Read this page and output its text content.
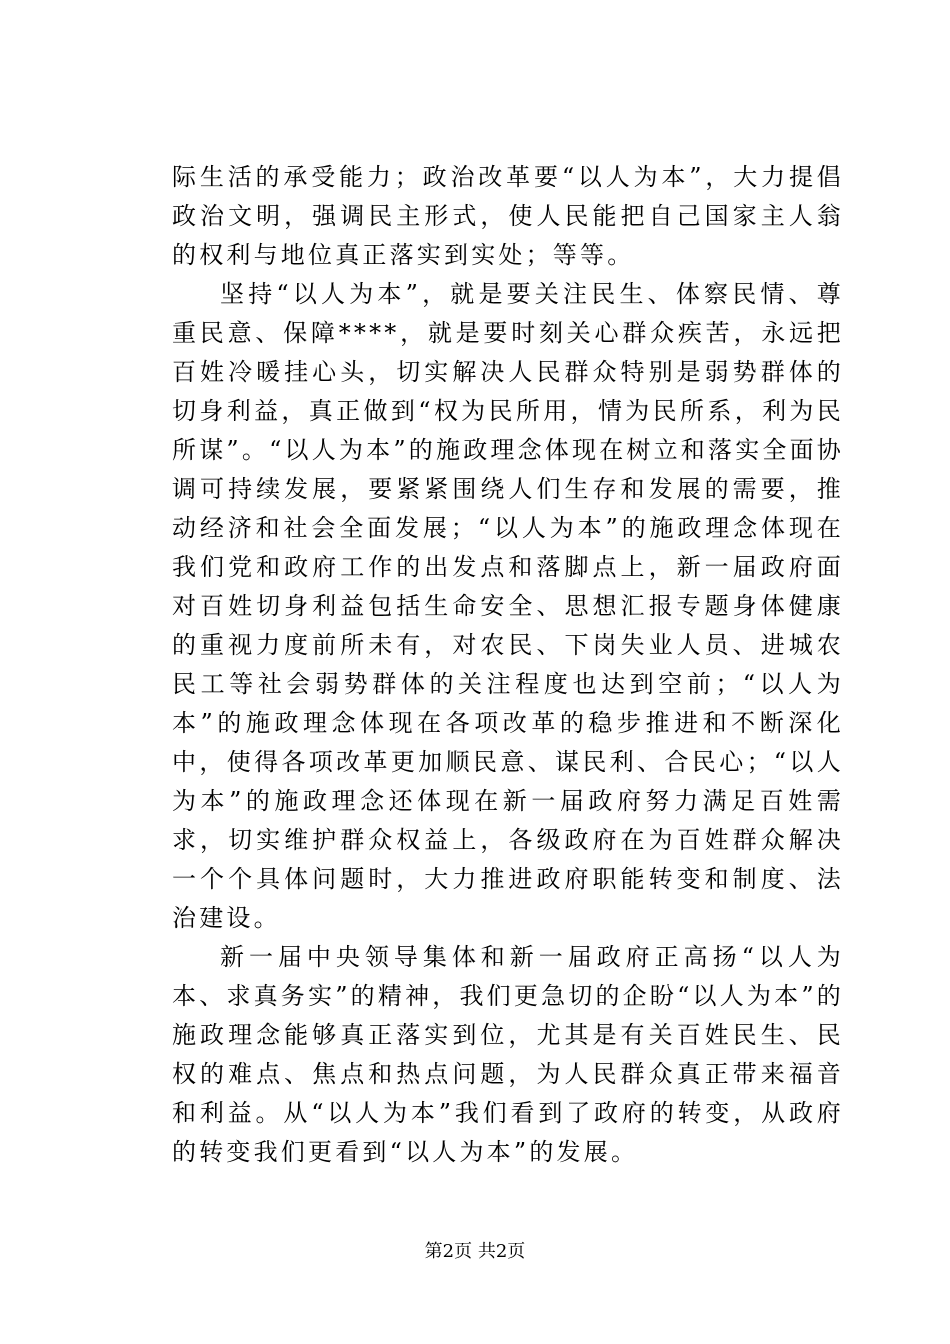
际生活的承受能力；政治改革要“以人为本”，大力提倡政治文明，强调民主形式，使人民能把自己国家主人翁的权利与地位真正落实到实处；等等。

坚持“以人为本”，就是要关注民生、体察民情、尊重民意、保障****，就是要时刻关心群众疾苦，永远把百姓冷暖挂心头，切实解决人民群众特别是弱势群体的切身利益，真正做到“权为民所用，情为民所系，利为民所谋”。“以人为本”的施政理念体现在树立和落实全面协调可持续发展，要紧紧围绕人们生存和发展的需要，推动经济和社会全面发展；“以人为本”的施政理念体现在我们党和政府工作的出发点和落脚点上，新一届政府面对百姓切身利益包括生命安全、思想汇报专题身体健康的重视力度前所未有，对农民、下岗失业人员、进城农民工等社会弱势群体的关注程度也达到空前；“以人为本”的施政理念体现在各项改革的稳步推进和不断深化中，使得各项改革更加顺民意、谋民利、合民心；“以人为本”的施政理念还体现在新一届政府努力满足百姓需求，切实维护群众权益上，各级政府在为百姓群众解决一个个具体问题时，大力推进政府职能转变和制度、法治建设。

新一届中央领导集体和新一届政府正高扬“以人为本、求真务实”的精神，我们更急切的企盼“以人为本”的施政理念能够真正落实到位，尤其是有关百姓民生、民权的难点、焦点和热点问题，为人民群众真正带来福音和利益。从“以人为本”我们看到了政府的转变，从政府的转变我们更看到“以人为本”的发展。

第2页 共2页
